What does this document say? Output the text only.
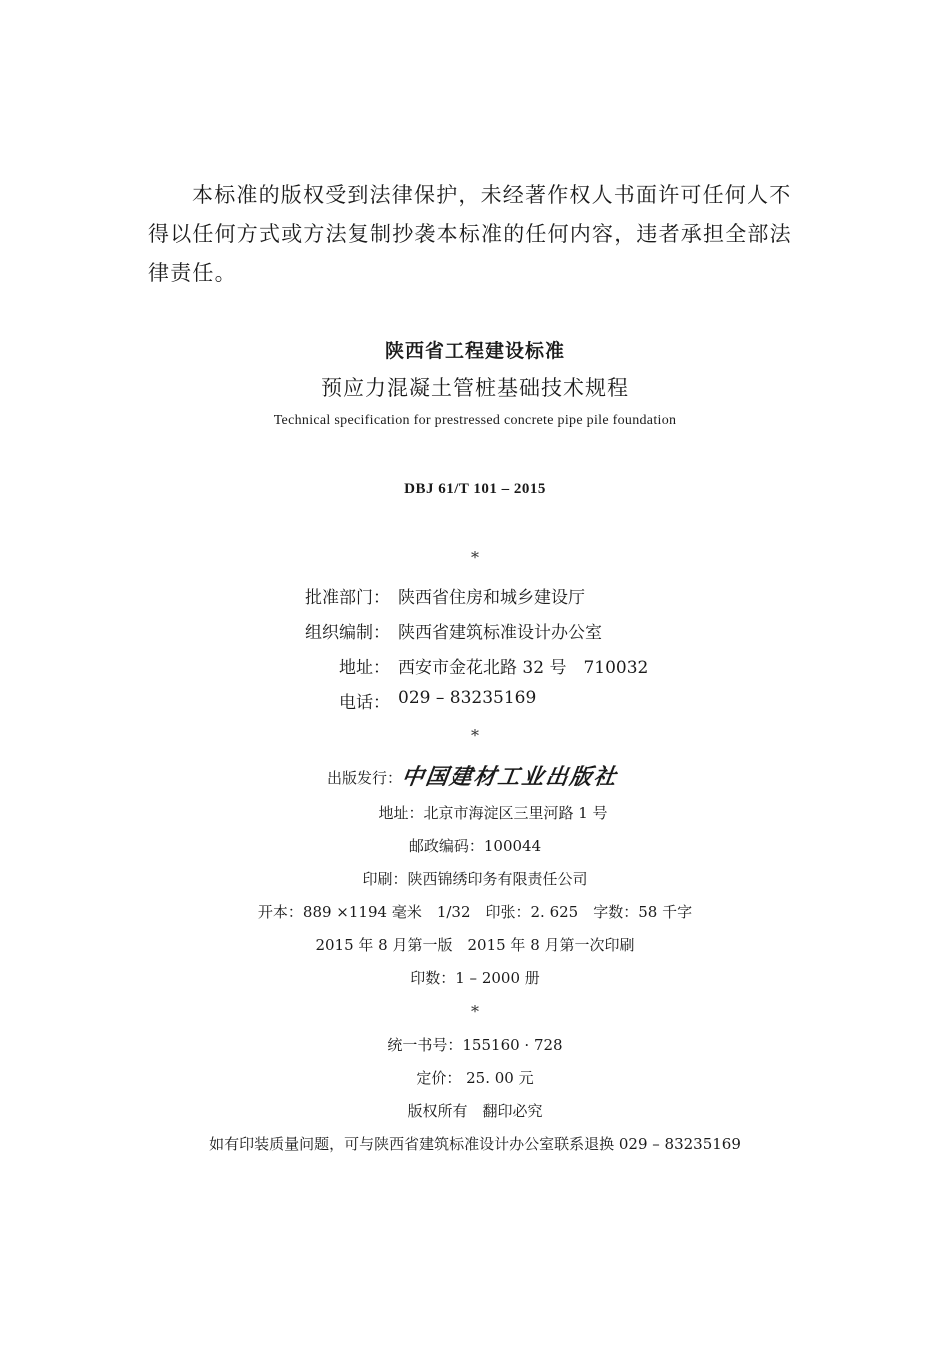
本标准的版权受到法律保护，未经著作权人书面许可任何人不得以任何方式或方法复制抄袭本标准的任何内容，违者承担全部法律责任。

陕西省工程建设标准
预应力混凝土管桩基础技术规程
Technical specification for prestressed concrete pipe pile foundation
DBJ 61/T 101 – 2015
*
批准部门： 陕西省住房和城乡建设厅
组织编制： 陕西省建筑标准设计办公室
地址： 西安市金花北路 32 号　710032
电话： 029 – 83235169
*
出版发行：
中国建材工业出版社
地址：北京市海淀区三里河路 1 号
邮政编码：100044
印刷：陕西锦绣印务有限责任公司
开本：889 ×1194 毫米　1/32　印张：2. 625　字数：58 千字
2015 年 8 月第一版　2015 年 8 月第一次印刷
印数：1 – 2000 册
*
统一书号：155160 · 728
定价： 25. 00 元
版权所有　翻印必究
如有印装质量问题，可与陕西省建筑标准设计办公室联系退换 029 – 83235169
